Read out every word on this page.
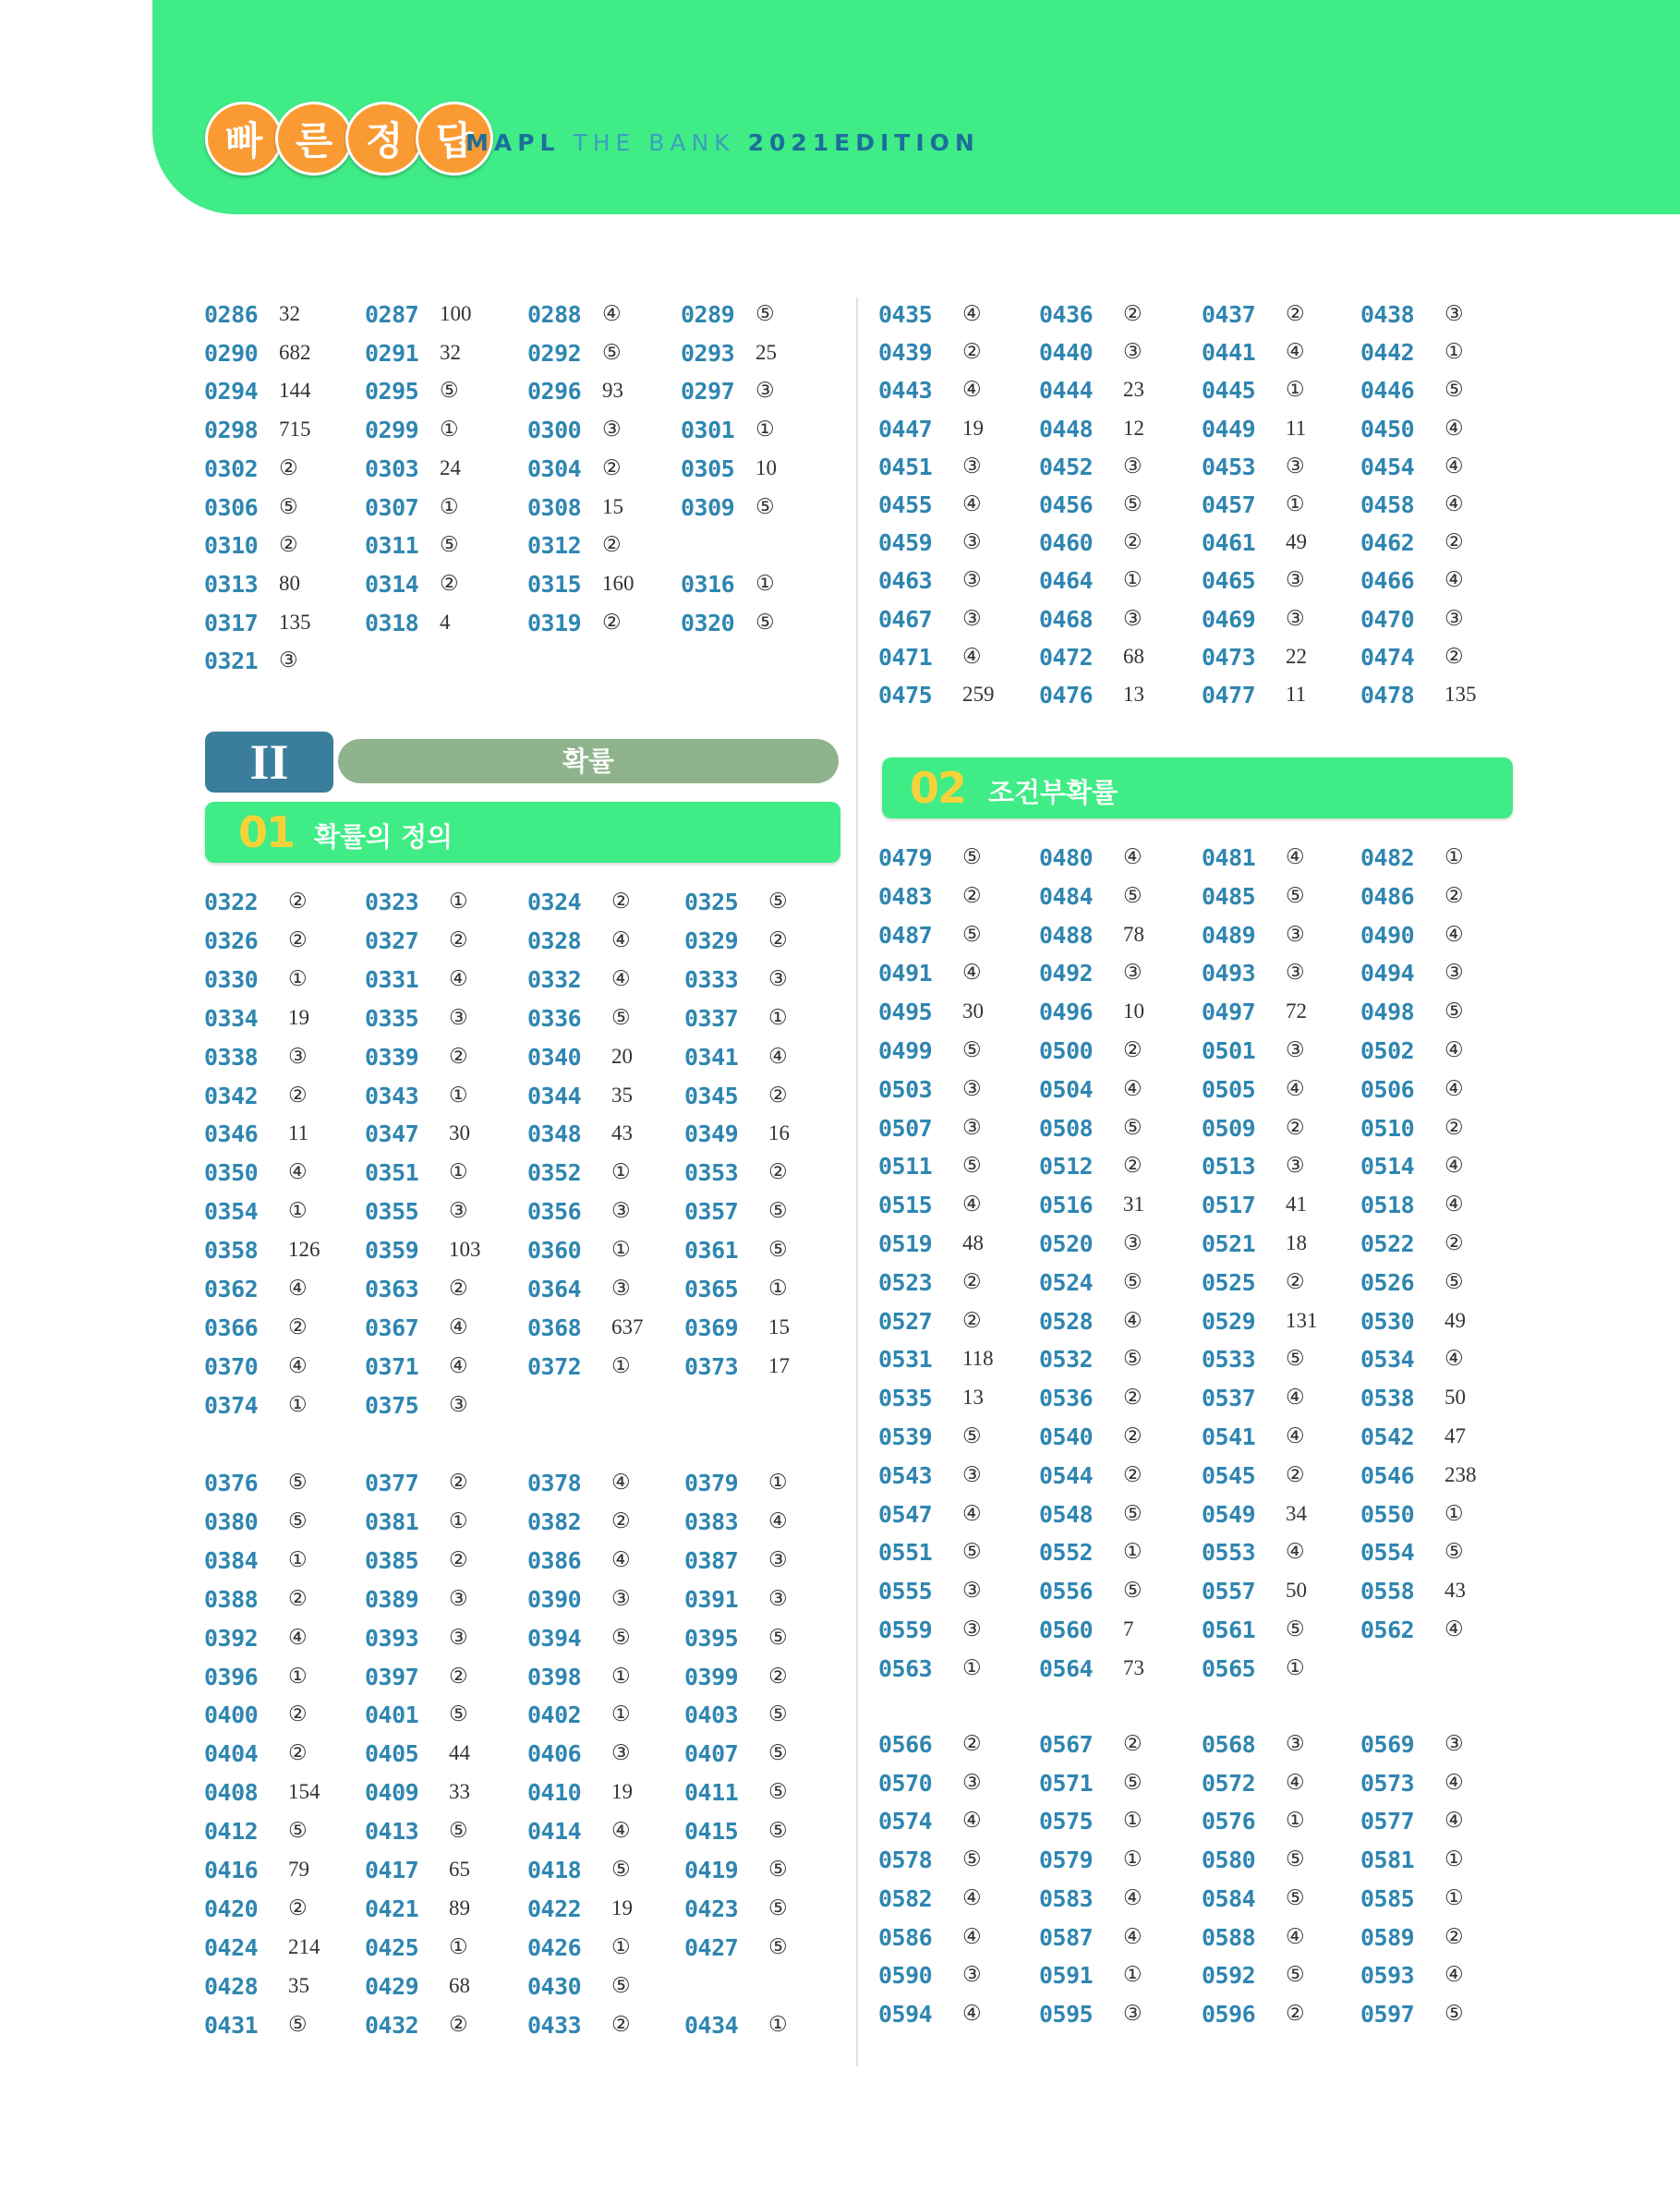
빠 른 정 답
MAPL THE BANK 2021EDITION
0286 32	0287 100 0288 ④	0289 ⑤
0290 682 0291 32	0292 ⑤	0293 25
0294 144 0295 ⑤	0296 93 0297 ③
0298 715 0299 ①	0300 ③	0301 ①
0302 ②	0303 24	0304 ②	0305 10
0306 ⑤	0307 ①	0308 15 0309 ⑤
0310 ②	0311 ⑤	0312 ②
0313 80	0314 ②	0315 160 0316 ①
0317 135 0318 4	0319 ②	0320 ⑤
0321 ③
II	확률
01 확률의 정의
0322 ② 0323 ①	0324 ② 0325 ⑤
0326 ② 0327 ②	0328 ④ 0329 ②
0330 ① 0331 ④	0332 ④ 0333 ③
0334 19 0335 ③	0336 ⑤ 0337 ①
0338 ③ 0339 ②	0340 20 0341 ④
0342 ② 0343 ①	0344 35 0345 ②
0346 11 0347 30 0348 43 0349 16
0350 ④ 0351 ①	0352 ① 0353 ②
0354 ① 0355 ③	0356 ③ 0357 ⑤
0358 126 0359 103 0360 ① 0361 ⑤
0362 ④ 0363 ②	0364 ③ 0365 ①
0366 ② 0367 ④	0368 637 0369 15
0370 ④ 0371 ④	0372 ① 0373 17
0374 ① 0375 ③
0376 ⑤ 0377 ②	0378 ④ 0379 ①
0380 ⑤ 0381 ①	0382 ② 0383 ④
0384 ① 0385 ②	0386 ④ 0387 ③
0388 ② 0389 ③	0390 ③ 0391 ③
0392 ④ 0393 ③	0394 ⑤ 0395 ⑤
0396 ① 0397 ②	0398 ① 0399 ②
0400 ② 0401 ⑤	0402 ① 0403 ⑤
0404 ② 0405 44 0406 ③ 0407 ⑤
0408 154 0409 33 0410 19 0411 ⑤
0412 ⑤ 0413 ⑤	0414 ④ 0415 ⑤
0416 79 0417 65 0418 ⑤ 0419 ⑤
0420 ② 0421 89 0422 19 0423 ⑤
0424 214 0425 ①	0426 ① 0427 ⑤
0428 35 0429 68 0430 ⑤
0431 ⑤ 0432 ②	0433 ② 0434 ①
0435 ④ 0436 ②	0437 ② 0438 ③
0439 ② 0440 ③	0441 ④ 0442 ①
0443 ④ 0444 23 0445 ① 0446 ⑤
0447 19 0448 12 0449 11 0450 ④
0451 ③ 0452 ③	0453 ③ 0454 ④
0455 ④ 0456 ⑤	0457 ① 0458 ④
0459 ③ 0460 ②	0461 49 0462 ②
0463 ③ 0464 ①	0465 ③ 0466 ④
0467 ③ 0468 ③	0469 ③ 0470 ③
0471 ④ 0472 68 0473 22 0474 ②
0475 259 0476 13 0477 11 0478 135
02 조건부확률
0479 ⑤ 0480 ④	0481 ④ 0482 ①
0483 ② 0484 ⑤	0485 ⑤ 0486 ②
0487 ⑤ 0488 78 0489 ③ 0490 ④
0491 ④ 0492 ③	0493 ③ 0494 ③
0495 30 0496 10 0497 72 0498 ⑤
0499 ⑤ 0500 ②	0501 ③ 0502 ④
0503 ③ 0504 ④	0505 ④ 0506 ④
0507 ③ 0508 ⑤	0509 ② 0510 ②
0511 ⑤ 0512 ②	0513 ③ 0514 ④
0515 ④ 0516 31 0517 41 0518 ④
0519 48 0520 ③	0521 18 0522 ②
0523 ② 0524 ⑤	0525 ② 0526 ⑤
0527 ② 0528 ④	0529 131 0530 49
0531 118 0532 ⑤	0533 ⑤ 0534 ④
0535 13 0536 ②	0537 ④ 0538 50
0539 ⑤ 0540 ②	0541 ④ 0542 47
0543 ③ 0544 ②	0545 ② 0546 238
0547 ④ 0548 ⑤	0549 34 0550 ①
0551 ⑤ 0552 ①	0553 ④ 0554 ⑤
0555 ③ 0556 ⑤	0557 50 0558 43
0559 ③ 0560 7	0561 ⑤ 0562 ④
0563 ① 0564 73 0565 ①
0566 ② 0567 ②	0568 ③ 0569 ③
0570 ③ 0571 ⑤	0572 ④ 0573 ④
0574 ④ 0575 ①	0576 ① 0577 ④
0578 ⑤ 0579 ①	0580 ⑤ 0581 ①
0582 ④ 0583 ④	0584 ⑤ 0585 ①
0586 ④ 0587 ④	0588 ④ 0589 ②
0590 ③ 0591 ①	0592 ⑤ 0593 ④
0594 ④ 0595 ③	0596 ② 0597 ⑤
